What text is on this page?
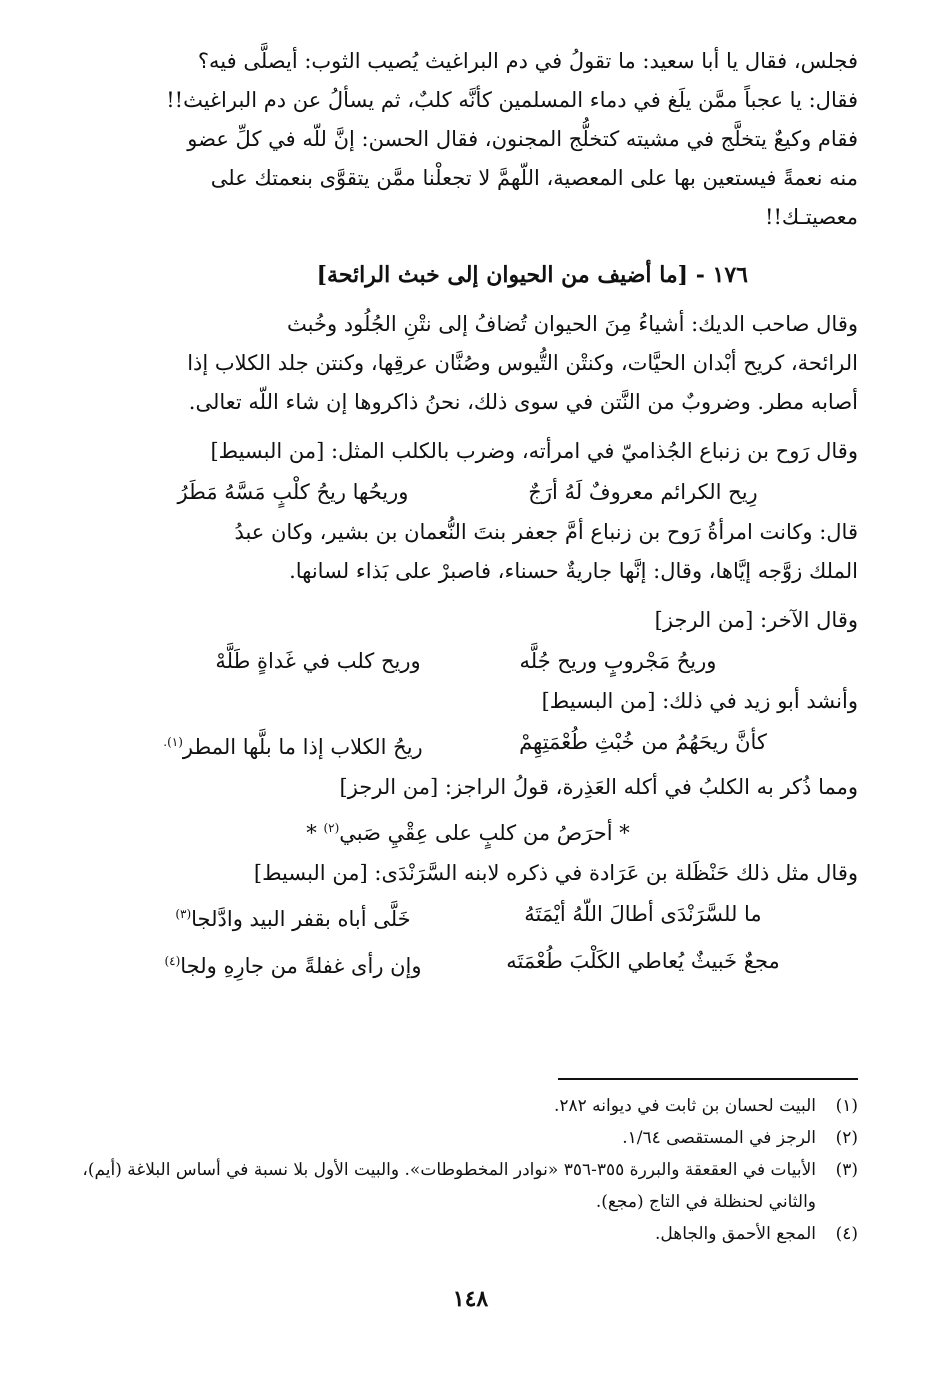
فجلس، فقال يا أبا سعيد: ما تقولُ في دم البراغيث يُصيب الثوب: أيصلَّى فيه؟

فقال: يا عجباً ممَّن يلَغ في دماء المسلمين كأنَّه كلبٌ، ثم يسألُ عن دم البراغيث!!

فقام وكيعٌ يتخلَّج في مشيته كتخلُّج المجنون، فقال الحسن: إنَّ للّه في كلِّ عضو

منه نعمةً فيستعين بها على المعصية، اللّهمَّ لا تجعلْنا ممَّن يتقوَّى بنعمتك على

معصيتـك!!

١٧٦ - [ما أضيف من الحيوان إلى خبث الرائحة]

وقال صاحب الديك: أشياءُ مِنَ الحيوان تُضافُ إلى نتْنِ الجُلُود وخُبث

الرائحة، كريح أبْدان الحيَّات، وكنتْن التُّيوس وصُنَّان عرقِها، وكنتن جلد الكلاب إذا

أصابه مطر. وضروبٌ من النَّتن في سوى ذلك، نحنُ ذاكروها إن شاء اللّه تعالى.

وقال رَوح بن زنباع الجُذاميّ في امرأته، وضرب بالكلب المثل: [من البسيط]

رِيح الكرائم معروفٌ لَهُ أرَجٌ
وريحُها ريحُ كلْبٍ مَسَّهُ مَطَرُ

قال: وكانت امرأةُ رَوح بن زنباع أمَّ جعفر بنتَ النُّعمان بن بشير، وكان عبدُ

الملك زوَّجه إيَّاها، وقال: إنَّها جاريةٌ حسناء، فاصبرْ على بَذاء لسانها.

وقال الآخر: [من الرجز]

وريحُ مَجْروبٍ وريح جُلَّه
وريح كلب في غَداةٍ طَلَّهْ

وأنشد أبو زيد في ذلك: [من البسيط]

كأنَّ ريحَهُمُ من خُبْثِ طُعْمَتِهِمْ
ريحُ الكلاب إذا ما بلَّها المطر$^{(١).}$

ومما ذُكر به الكلبُ في أكله العَذِرة، قولُ الراجز: [من الرجز]

* أحرَصُ من كلبٍ على عِقْيِ صَبي$^{(٢)}$ *

وقال مثل ذلك حَنْظَلة بن عَرَادة في ذكره لابنه السَّرَنْدَى: [من البسيط]

ما للسَّرَنْدَى أطالَ اللّهُ أيْمَتَهُ
خَلَّى أباه بقفر البيد وادَّلجا$^{(٣)}$
مجعٌ خَبيثٌ يُعاطي الكَلْبَ طُعْمَتَه
وإن رأى غفلةً من جارِهِ ولجا$^{(٤)}$
(١)
البيت لحسان بن ثابت في ديوانه ٢٨٢.
(٢)
الرجز في المستقصى ١/٦٤.
(٣)
الأبيات في العقعقة والبررة ٣٥٥-٣٥٦ «نوادر المخطوطات». والبيت الأول بلا نسبة في أساس البلاغة (أيم)، والثاني لحنظلة في التاج (مجع).
(٤)
المجع الأحمق والجاهل.
١٤٨
